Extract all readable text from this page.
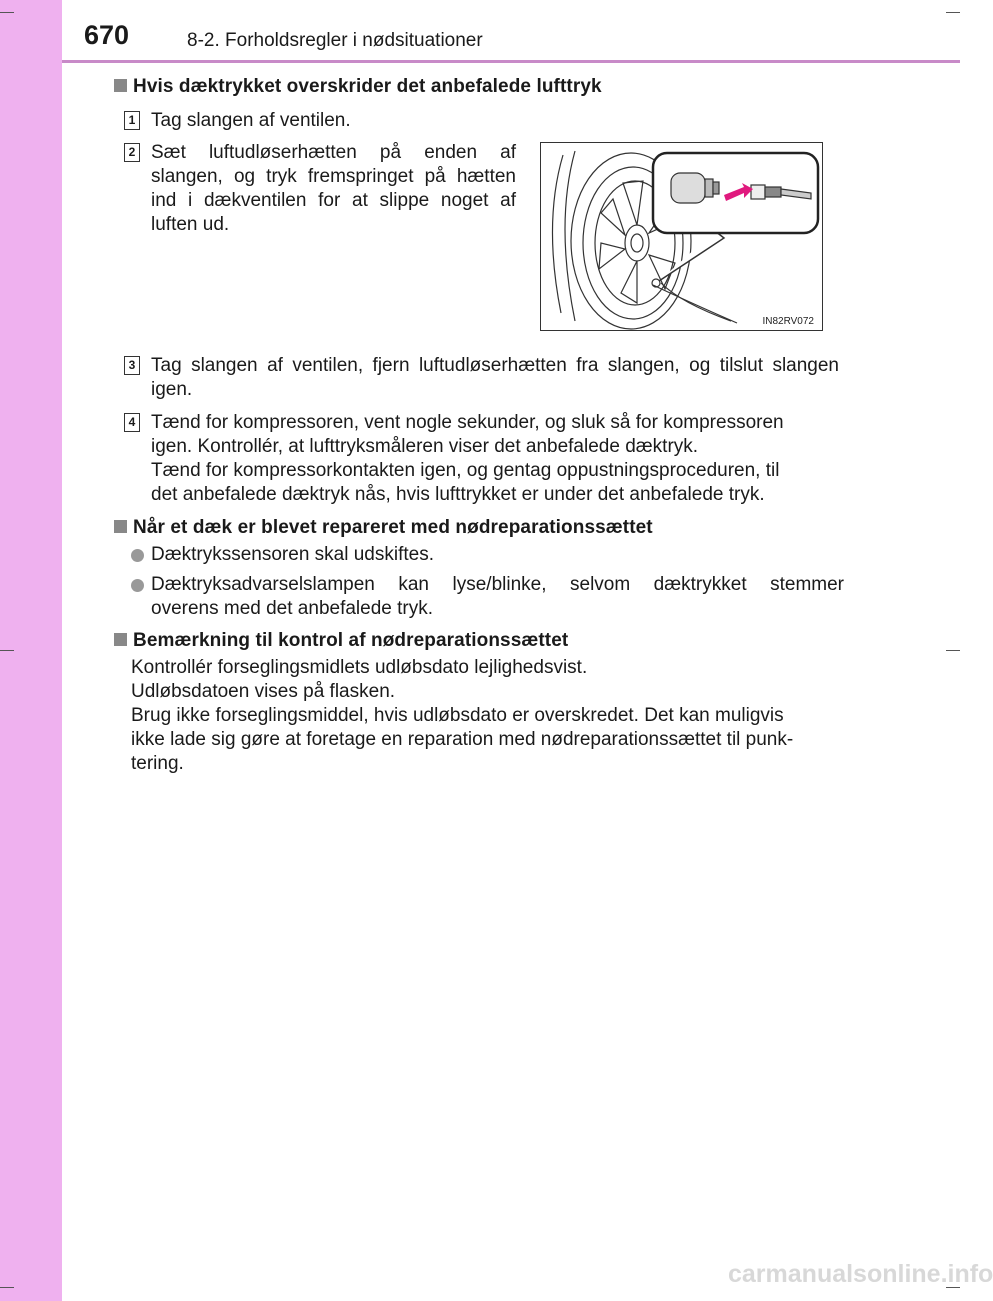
670	8-2. Forholdsregler i nødsituationer
Hvis dæktrykket overskrider det anbefalede lufttryk
1 Tag slangen af ventilen.

2 Sæt luftudløserhætten på enden af

slangen, og tryk fremspringet på hætten

ind i dækventilen for at slippe noget af

luften ud.

IN82RV072
3 Tag slangen af ventilen, fjern luftudløserhætten fra slangen, og tilslut slangen

igen.

4 Tænd for kompressoren, vent nogle sekunder, og sluk så for kompressoren

igen. Kontrollér, at lufttryksmåleren viser det anbefalede dæktryk.

Tænd for kompressorkontakten igen, og gentag oppustningsproceduren, til

det anbefalede dæktryk nås, hvis lufttrykket er under det anbefalede tryk.

Når et dæk er blevet repareret med nødreparationssættet

Dæktrykssensoren skal udskiftes.

Dæktryksadvarselslampen kan lyse/blinke, selvom dæktrykket stemmer

overens med det anbefalede tryk.

Bemærkning til kontrol af nødreparationssættet

Kontrollér forseglingsmidlets udløbsdato lejlighedsvist.

Udløbsdatoen vises på flasken.

Brug ikke forseglingsmiddel, hvis udløbsdato er overskredet. Det kan muligvis

ikke lade sig gøre at foretage en reparation med nødreparationssættet til punk-

tering.

carmanualsonline.info
